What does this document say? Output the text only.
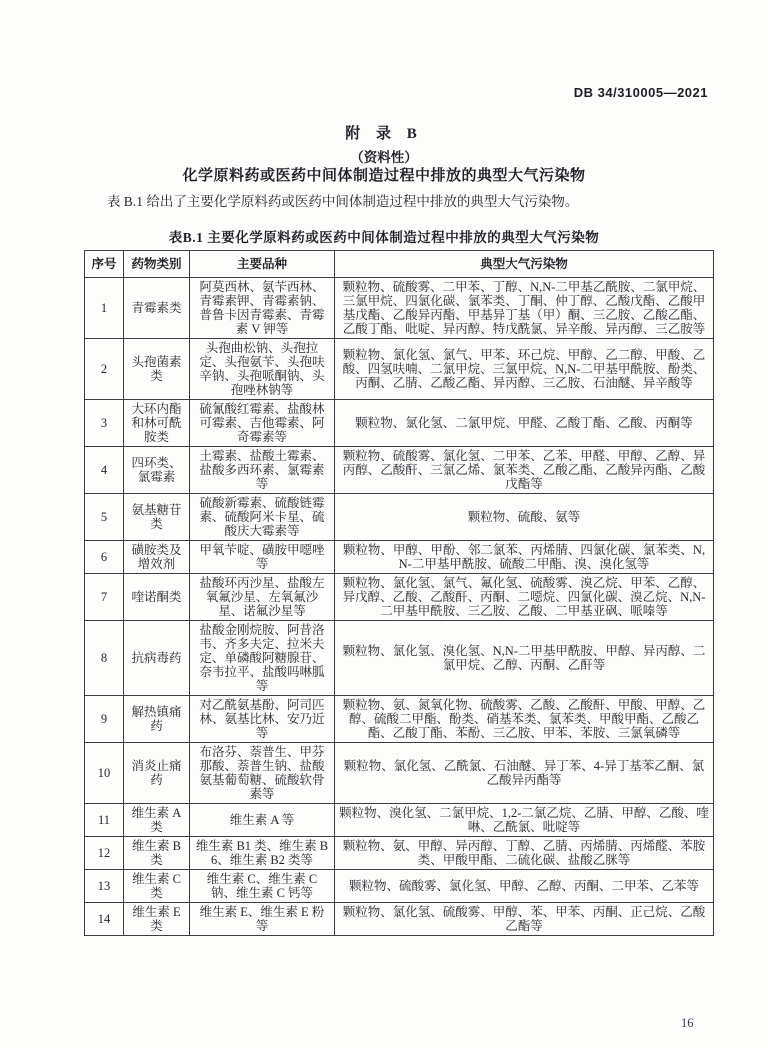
DB 34/310005—2021
附 录 B
（资料性）
化学原料药或医药中间体制造过程中排放的典型大气污染物

表 B.1 给出了主要化学原料药或医药中间体制造过程中排放的典型大气污染物。

表B.1 主要化学原料药或医药中间体制造过程中排放的典型大气污染物
序号	药物类别	主要品种	典型大气污染物
1	青霉素类	阿莫西林、氨苄西林、青霉素钾、青霉素钠、普鲁卡因青霉素、青霉素 V 钾等	颗粒物、硫酸雾、二甲苯、丁醇、N,N-二甲基乙酰胺、二氯甲烷、三氯甲烷、四氯化碳、氯苯类、丁酮、仲丁醇、乙酸戊酯、乙酸甲基戊酯、乙酸异丙酯、甲基异丁基（甲）酮、三乙胺、乙酸乙酯、乙酸丁酯、吡啶、异丙醇、特戊酰氯、异辛酸、异丙醇、三乙胺等
2	头孢菌素类	头孢曲松钠、头孢拉定、头孢氨苄、头孢呋辛钠、头孢哌酮钠、头孢唑林钠等	颗粒物、氯化氢、氯气、甲苯、环己烷、甲醇、乙二醇、甲酸、乙酸、四氢呋喃、二氯甲烷、三氯甲烷、N,N-二甲基甲酰胺、酚类、丙酮、乙腈、乙酸乙酯、异丙醇、三乙胺、石油醚、异辛酸等
3	大环内酯和林可酰胺类	硫氰酸红霉素、盐酸林可霉素、吉他霉素、阿奇霉素等	颗粒物、氯化氢、二氯甲烷、甲醛、乙酸丁酯、乙酸、丙酮等
4	四环类、氯霉素	土霉素、盐酸土霉素、盐酸多西环素、氯霉素等	颗粒物、硫酸雾、氯化氢、二甲苯、乙苯、甲醛、甲醇、乙醇、异丙醇、乙酸酐、三氯乙烯、氯苯类、乙酸乙酯、乙酸异丙酯、乙酸戊酯等
5	氨基糖苷类	硫酸新霉素、硫酸链霉素、硫酸阿米卡星、硫酸庆大霉素等	颗粒物、硫酸、氨等
6	磺胺类及增效剂	甲氧苄啶、磺胺甲噁唑等	颗粒物、甲醇、甲酚、邻二氯苯、丙烯腈、四氯化碳、氯苯类、N,N-二甲基甲酰胺、硫酸二甲酯、溴、溴化氢等
7	喹诺酮类	盐酸环丙沙星、盐酸左氧氟沙星、左氧氟沙星、诺氟沙星等	颗粒物、氯化氢、氯气、氟化氢、硫酸雾、溴乙烷、甲苯、乙醇、异戊醇、乙酸、乙酸酐、丙酮、二噁烷、四氯化碳、溴乙烷、N,N-二甲基甲酰胺、三乙胺、乙酸、二甲基亚砜、哌嗪等
8	抗病毒药	盐酸金刚烷胺、阿昔洛韦、齐多夫定、拉米夫定、单磷酸阿糖腺苷、奈韦拉平、盐酸吗啉胍等	颗粒物、氯化氢、溴化氢、N,N-二甲基甲酰胺、甲醇、异丙醇、二氯甲烷、乙醇、丙酮、乙酐等
9	解热镇痛药	对乙酰氨基酚、阿司匹林、氨基比林、安乃近等	颗粒物、氨、氮氧化物、硫酸雾、乙酸、乙酸酐、甲酸、甲醇、乙醇、硫酸二甲酯、酚类、硝基苯类、氯苯类、甲酸甲酯、乙酸乙酯、乙酸丁酯、苯酚、三乙胺、甲苯、苯胺、三氯氧磷等
10	消炎止痛药	布洛芬、萘普生、甲芬那酸、萘普生钠、盐酸氨基葡萄糖、硫酸软骨素等	颗粒物、氯化氢、乙酰氯、石油醚、异丁苯、4-异丁基苯乙酮、氯乙酸异丙酯等
11	维生素 A 类	维生素 A 等	颗粒物、溴化氢、二氯甲烷、1,2-二氯乙烷、乙腈、甲醇、乙酸、喹啉、乙酰氯、吡啶等
12	维生素 B 类	维生素 B1 类、维生素 B6、维生素 B2 类等	颗粒物、氨、甲醇、异丙醇、丁醇、乙腈、丙烯腈、丙烯醛、苯胺类、甲酸甲酯、二硫化碳、盐酸乙脒等
13	维生素 C 类	维生素 C、维生素 C 钠、维生素 C 钙等	颗粒物、硫酸雾、氯化氢、甲醇、乙醇、丙酮、二甲苯、乙苯等
14	维生素 E 类	维生素 E、维生素 E 粉等	颗粒物、氯化氢、硫酸雾、甲醇、苯、甲苯、丙酮、正己烷、乙酸乙酯等
16
